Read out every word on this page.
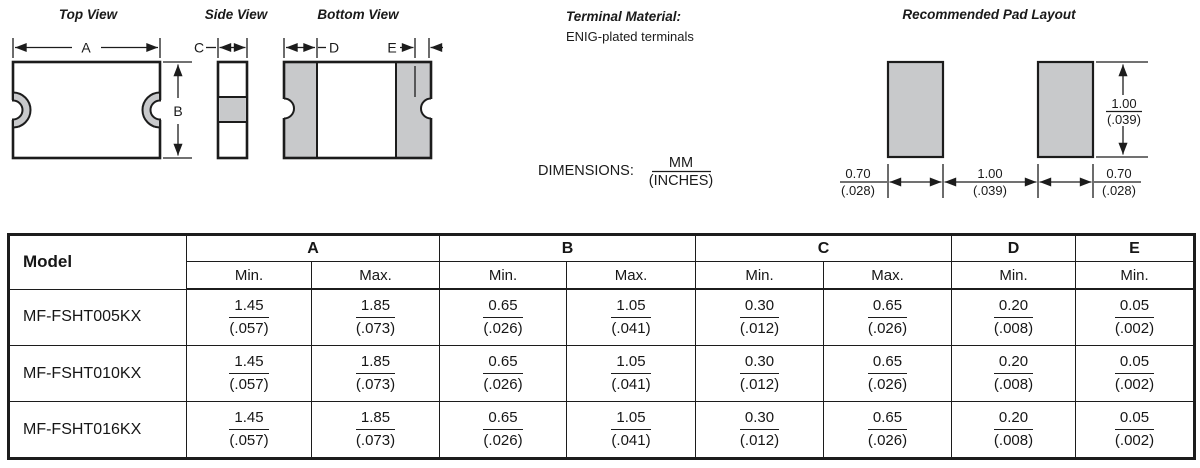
Top View
A
B
Side View
C
Bottom View
D	E
Terminal Material:
ENIG-plated terminals
DIMENSIONS: MM
(INCHES)
Recommended Pad Layout
1.00
(.039)
0.70
(.028)
1.00
(.039)
0.70
(.028)
Model	A		B		C		D	E
	Min.	Max.	Min.	Max.	Min.	Max.	Min.	Min.
MF-FSHT005KX	$\frac{1.45}{(.057)}$	$\frac{1.85}{(.073)}$	$\frac{0.65}{(.026)}$	$\frac{1.05}{(.041)}$	$\frac{0.30}{(.012)}$	$\frac{0.65}{(.026)}$	$\frac{0.20}{(.008)}$	$\frac{0.05}{(.002)}$

MF-FSHT010KX	$\frac{1.45}{(.057)}$	$\frac{1.85}{(.073)}$	$\frac{0.65}{(.026)}$	$\frac{1.05}{(.041)}$	$\frac{0.30}{(.012)}$	$\frac{0.65}{(.026)}$	$\frac{0.20}{(.008)}$	$\frac{0.05}{(.002)}$

MF-FSHT016KX	$\frac{1.45}{(.057)}$	$\frac{1.85}{(.073)}$	$\frac{0.65}{(.026)}$	$\frac{1.05}{(.041)}$	$\frac{0.30}{(.012)}$	$\frac{0.65}{(.026)}$	$\frac{0.20}{(.008)}$	$\frac{0.05}{(.002)}$
